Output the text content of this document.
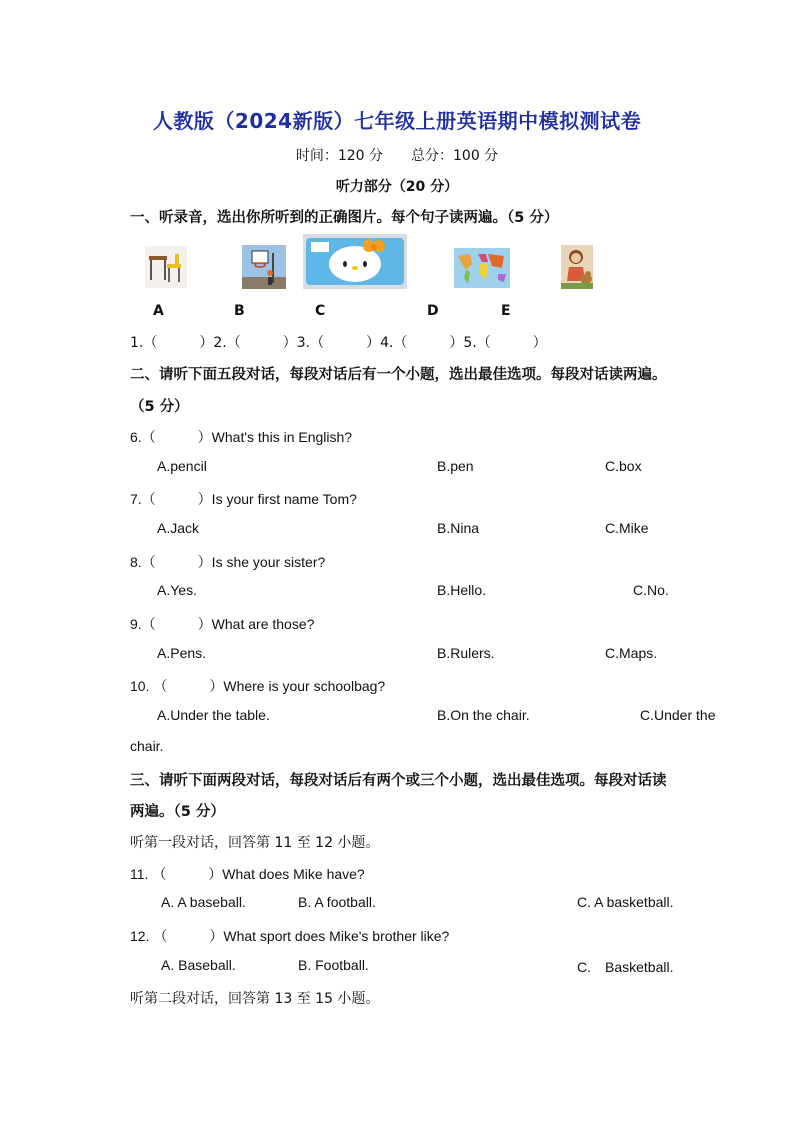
人教版（2024新版）七年级上册英语期中模拟测试卷
时间：120 分　　总分：100 分
听力部分（20 分）
一、听录音，选出你所听到的正确图片。每个句子读两遍。（5 分）
A	B	C	D	E
1.（　　　）2.（　　　）3.（　　　）4.（　　　）5.（　　　）
二、请听下面五段对话，每段对话后有一个小题，选出最佳选项。每段对话读两遍。
（5 分）
6.（　　　）What's this in English?
A.pencil	B.pen	C.box
7.（　　　）Is your first name Tom?
A.Jack	B.Nina	C.Mike
8.（　　　）Is she your sister?
A.Yes.	B.Hello.	C.No.
9.（　　　）What are those?
A.Pens.	B.Rulers.	C.Maps.
10. （　　　）Where is your schoolbag?
A.Under the table.	B.On the chair.	C.Under the
chair.
三、请听下面两段对话，每段对话后有两个或三个小题，选出最佳选项。每段对话读
两遍。（5 分）
听第一段对话，回答第 11 至 12 小题。
11. （　　　）What does Mike have?
A. A baseball.	B. A football.	C. A basketball.
12. （　　　）What sport does Mike's brother like?
A. Baseball.	B. Football.	C.　Basketball.
听第二段对话，回答第 13 至 15 小题。
